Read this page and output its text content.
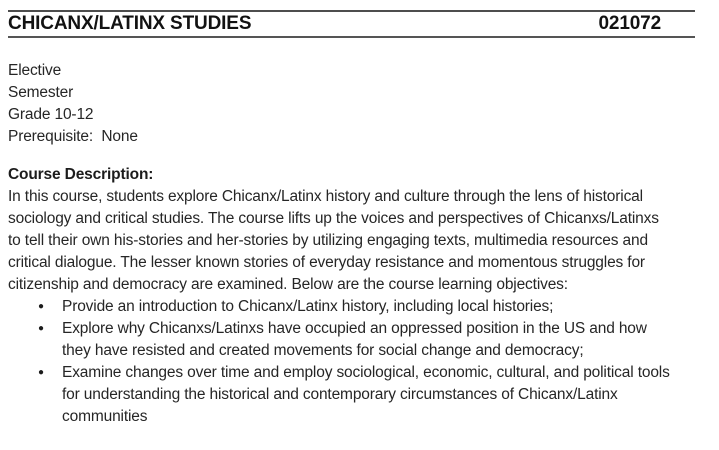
CHICANX/LATINX STUDIES	021072
Elective
Semester
Grade 10-12
Prerequisite:  None
Course Description:

In this course, students explore Chicanx/Latinx history and culture through the lens of historical sociology and critical studies. The course lifts up the voices and perspectives of Chicanxs/Latinxs to tell their own his-stories and her-stories by utilizing engaging texts, multimedia resources and critical dialogue. The lesser known stories of everyday resistance and momentous struggles for citizenship and democracy are examined. Below are the course learning objectives:

● Provide an introduction to Chicanx/Latinx history, including local histories;
● Explore why Chicanxs/Latinxs have occupied an oppressed position in the US and how they have resisted and created movements for social change and democracy;
● Examine changes over time and employ sociological, economic, cultural, and political tools for understanding the historical and contemporary circumstances of Chicanx/Latinx communities
